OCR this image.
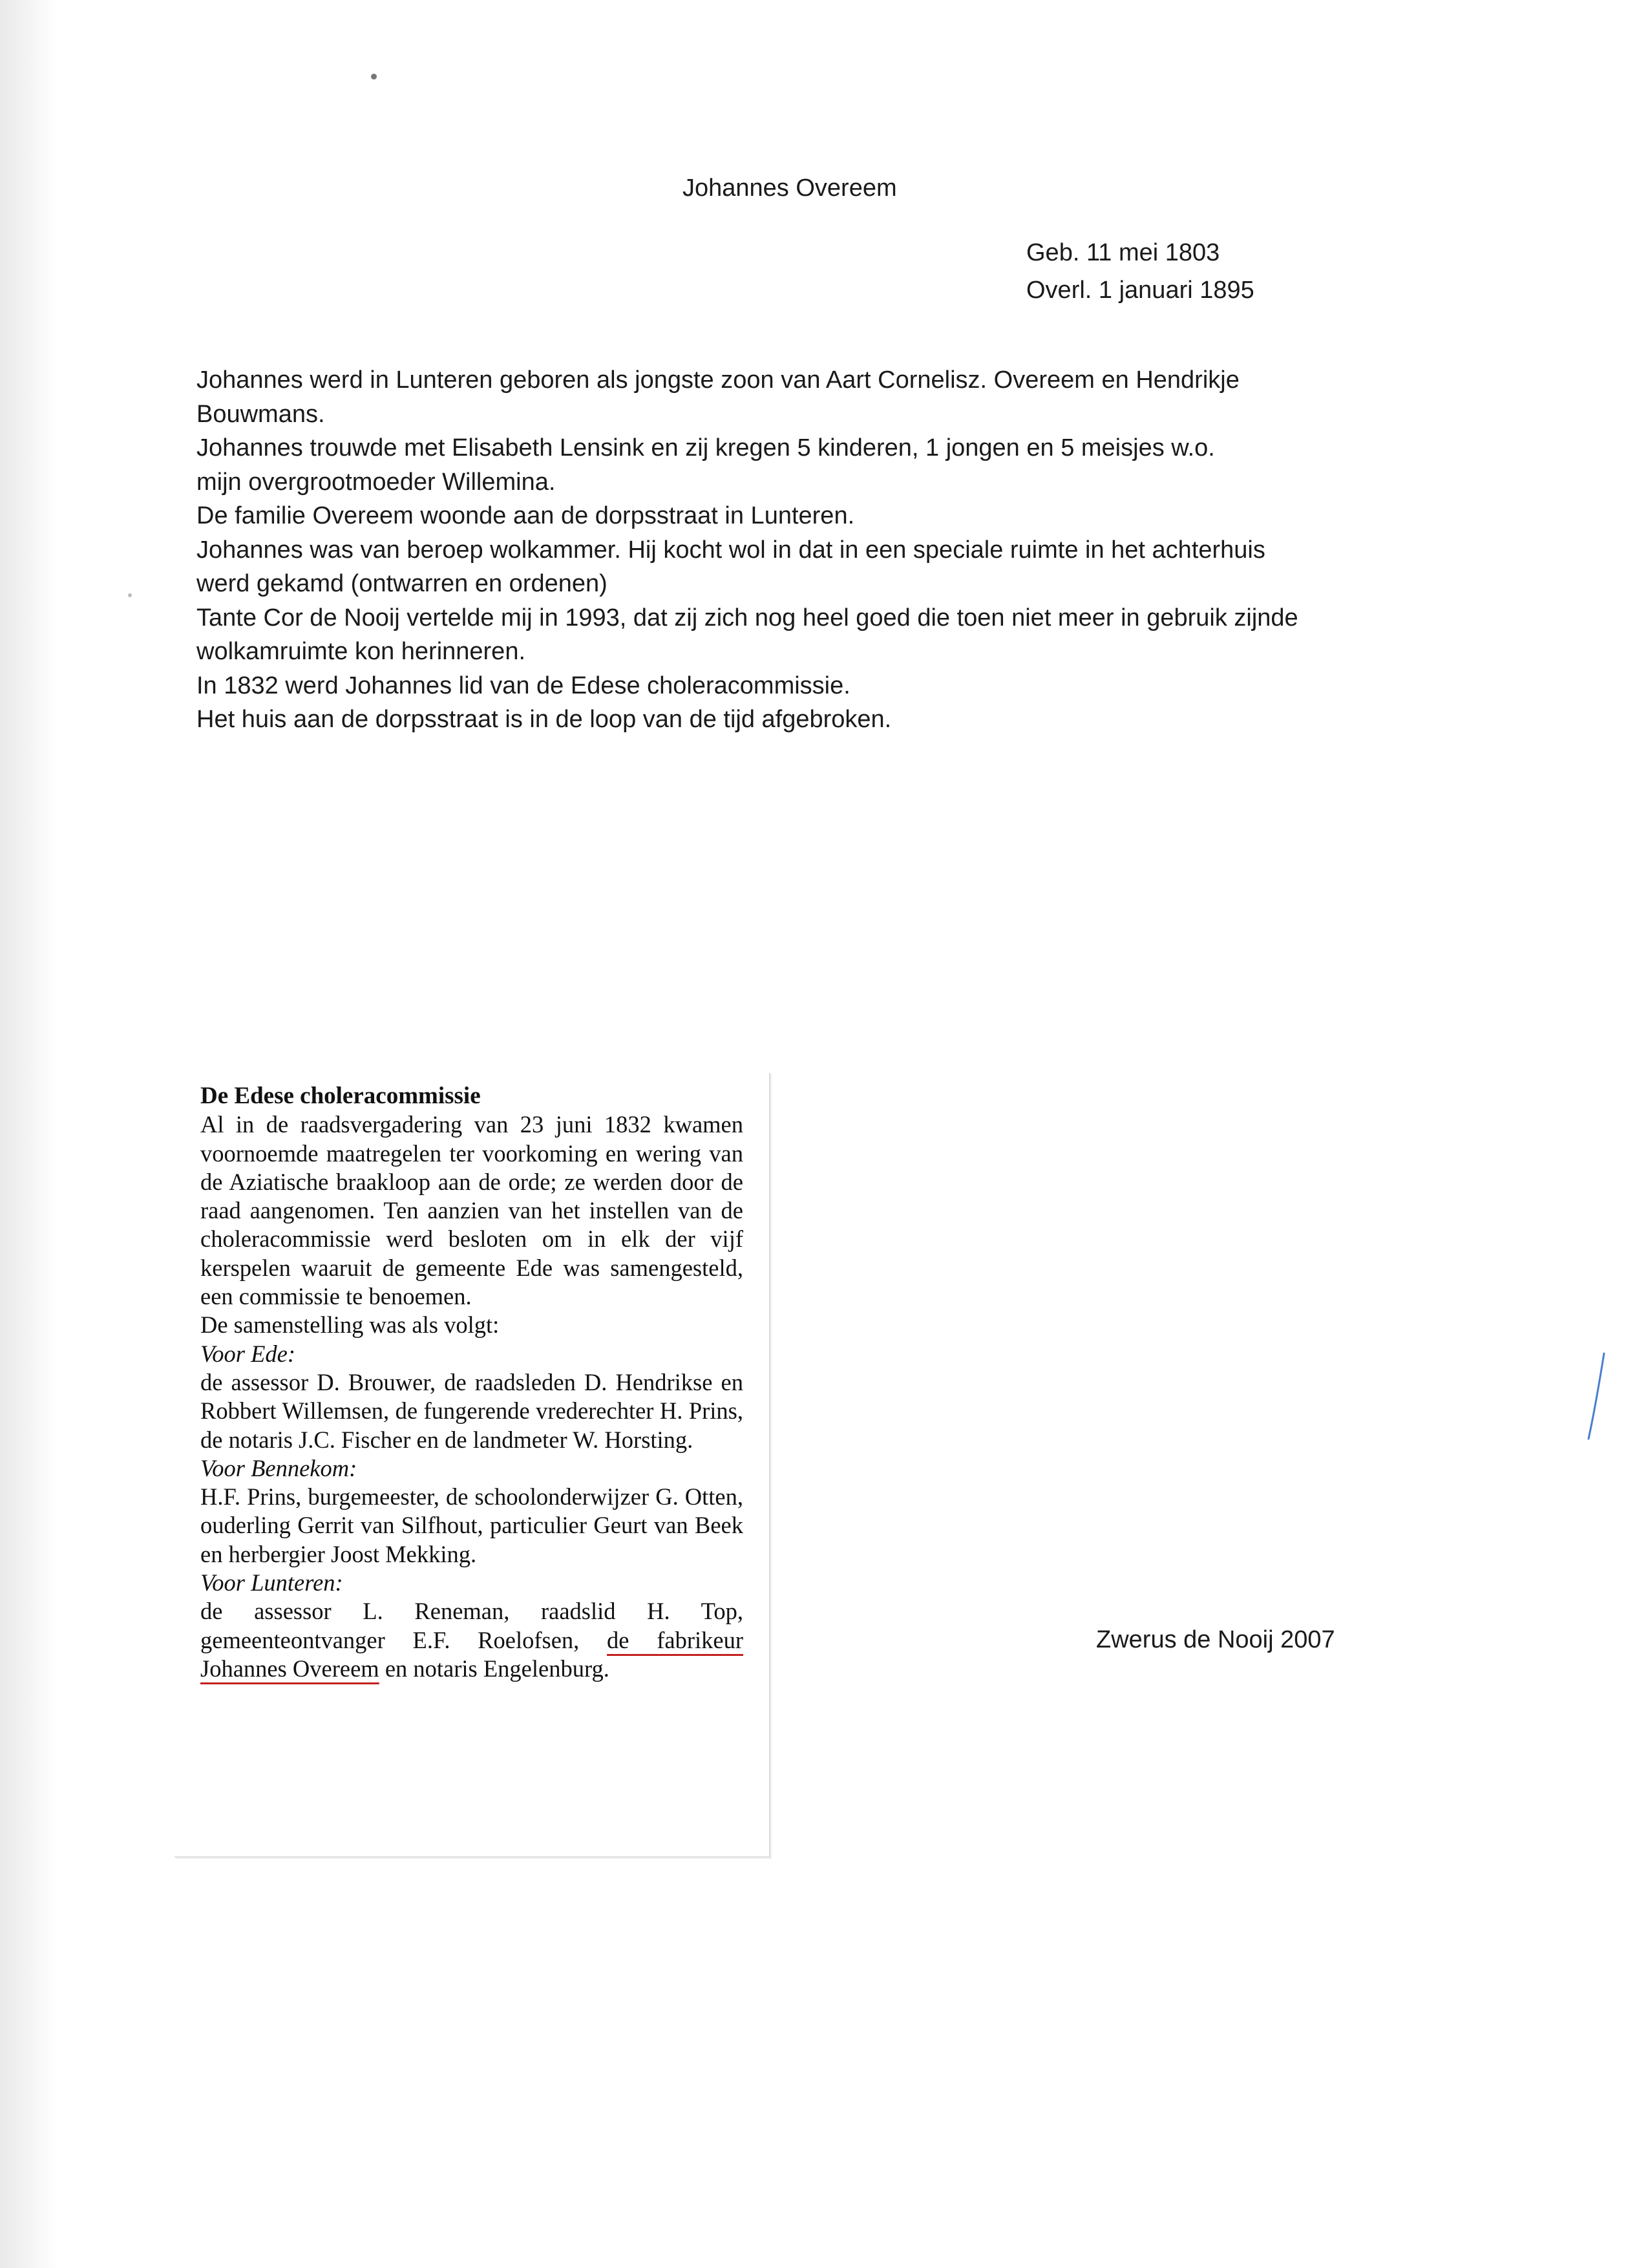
Johannes Overeem
Geb. 11 mei 1803
Overl. 1 januari 1895

Johannes werd in Lunteren geboren als jongste zoon van Aart Cornelisz. Overeem en Hendrikje

Bouwmans.

Johannes trouwde met Elisabeth Lensink en zij kregen 5 kinderen, 1 jongen en 5 meisjes w.o.

mijn overgrootmoeder Willemina.

De familie Overeem woonde aan de dorpsstraat in Lunteren.

Johannes was van beroep wolkammer. Hij kocht wol in dat in een speciale ruimte in het achterhuis

werd gekamd (ontwarren en ordenen)

Tante Cor de Nooij vertelde mij in 1993, dat zij zich nog heel goed die toen niet meer in gebruik zijnde

wolkamruimte kon herinneren.

In 1832 werd Johannes lid van de Edese choleracommissie.

Het huis aan de dorpsstraat is in de loop van de tijd afgebroken.

De Edese choleracommissie

Al in de raadsvergadering van 23 juni 1832 kwamen voornoemde maatregelen ter voorkoming en wering van de Aziatische braakloop aan de orde; ze werden door de raad aangenomen. Ten aanzien van het instellen van de choleracommissie werd besloten om in elk der vijf kerspelen waaruit de gemeente Ede was samengesteld, een commissie te benoemen.

De samenstelling was als volgt:

Voor Ede:

de assessor D. Brouwer, de raadsleden D. Hendrikse en Robbert Willemsen, de fungerende vrederechter H. Prins, de notaris J.C. Fischer en de landmeter W. Horsting.

Voor Bennekom:

H.F. Prins, burgemeester, de schoolonderwijzer G. Otten, ouderling Gerrit van Silfhout, particulier Geurt van Beek en herbergier Joost Mekking.

Voor Lunteren:

de assessor L. Reneman, raadslid H. Top, gemeenteontvanger E.F. Roelofsen, de fabrikeur Johannes Overeem en notaris Engelenburg.

Zwerus de Nooij 2007
